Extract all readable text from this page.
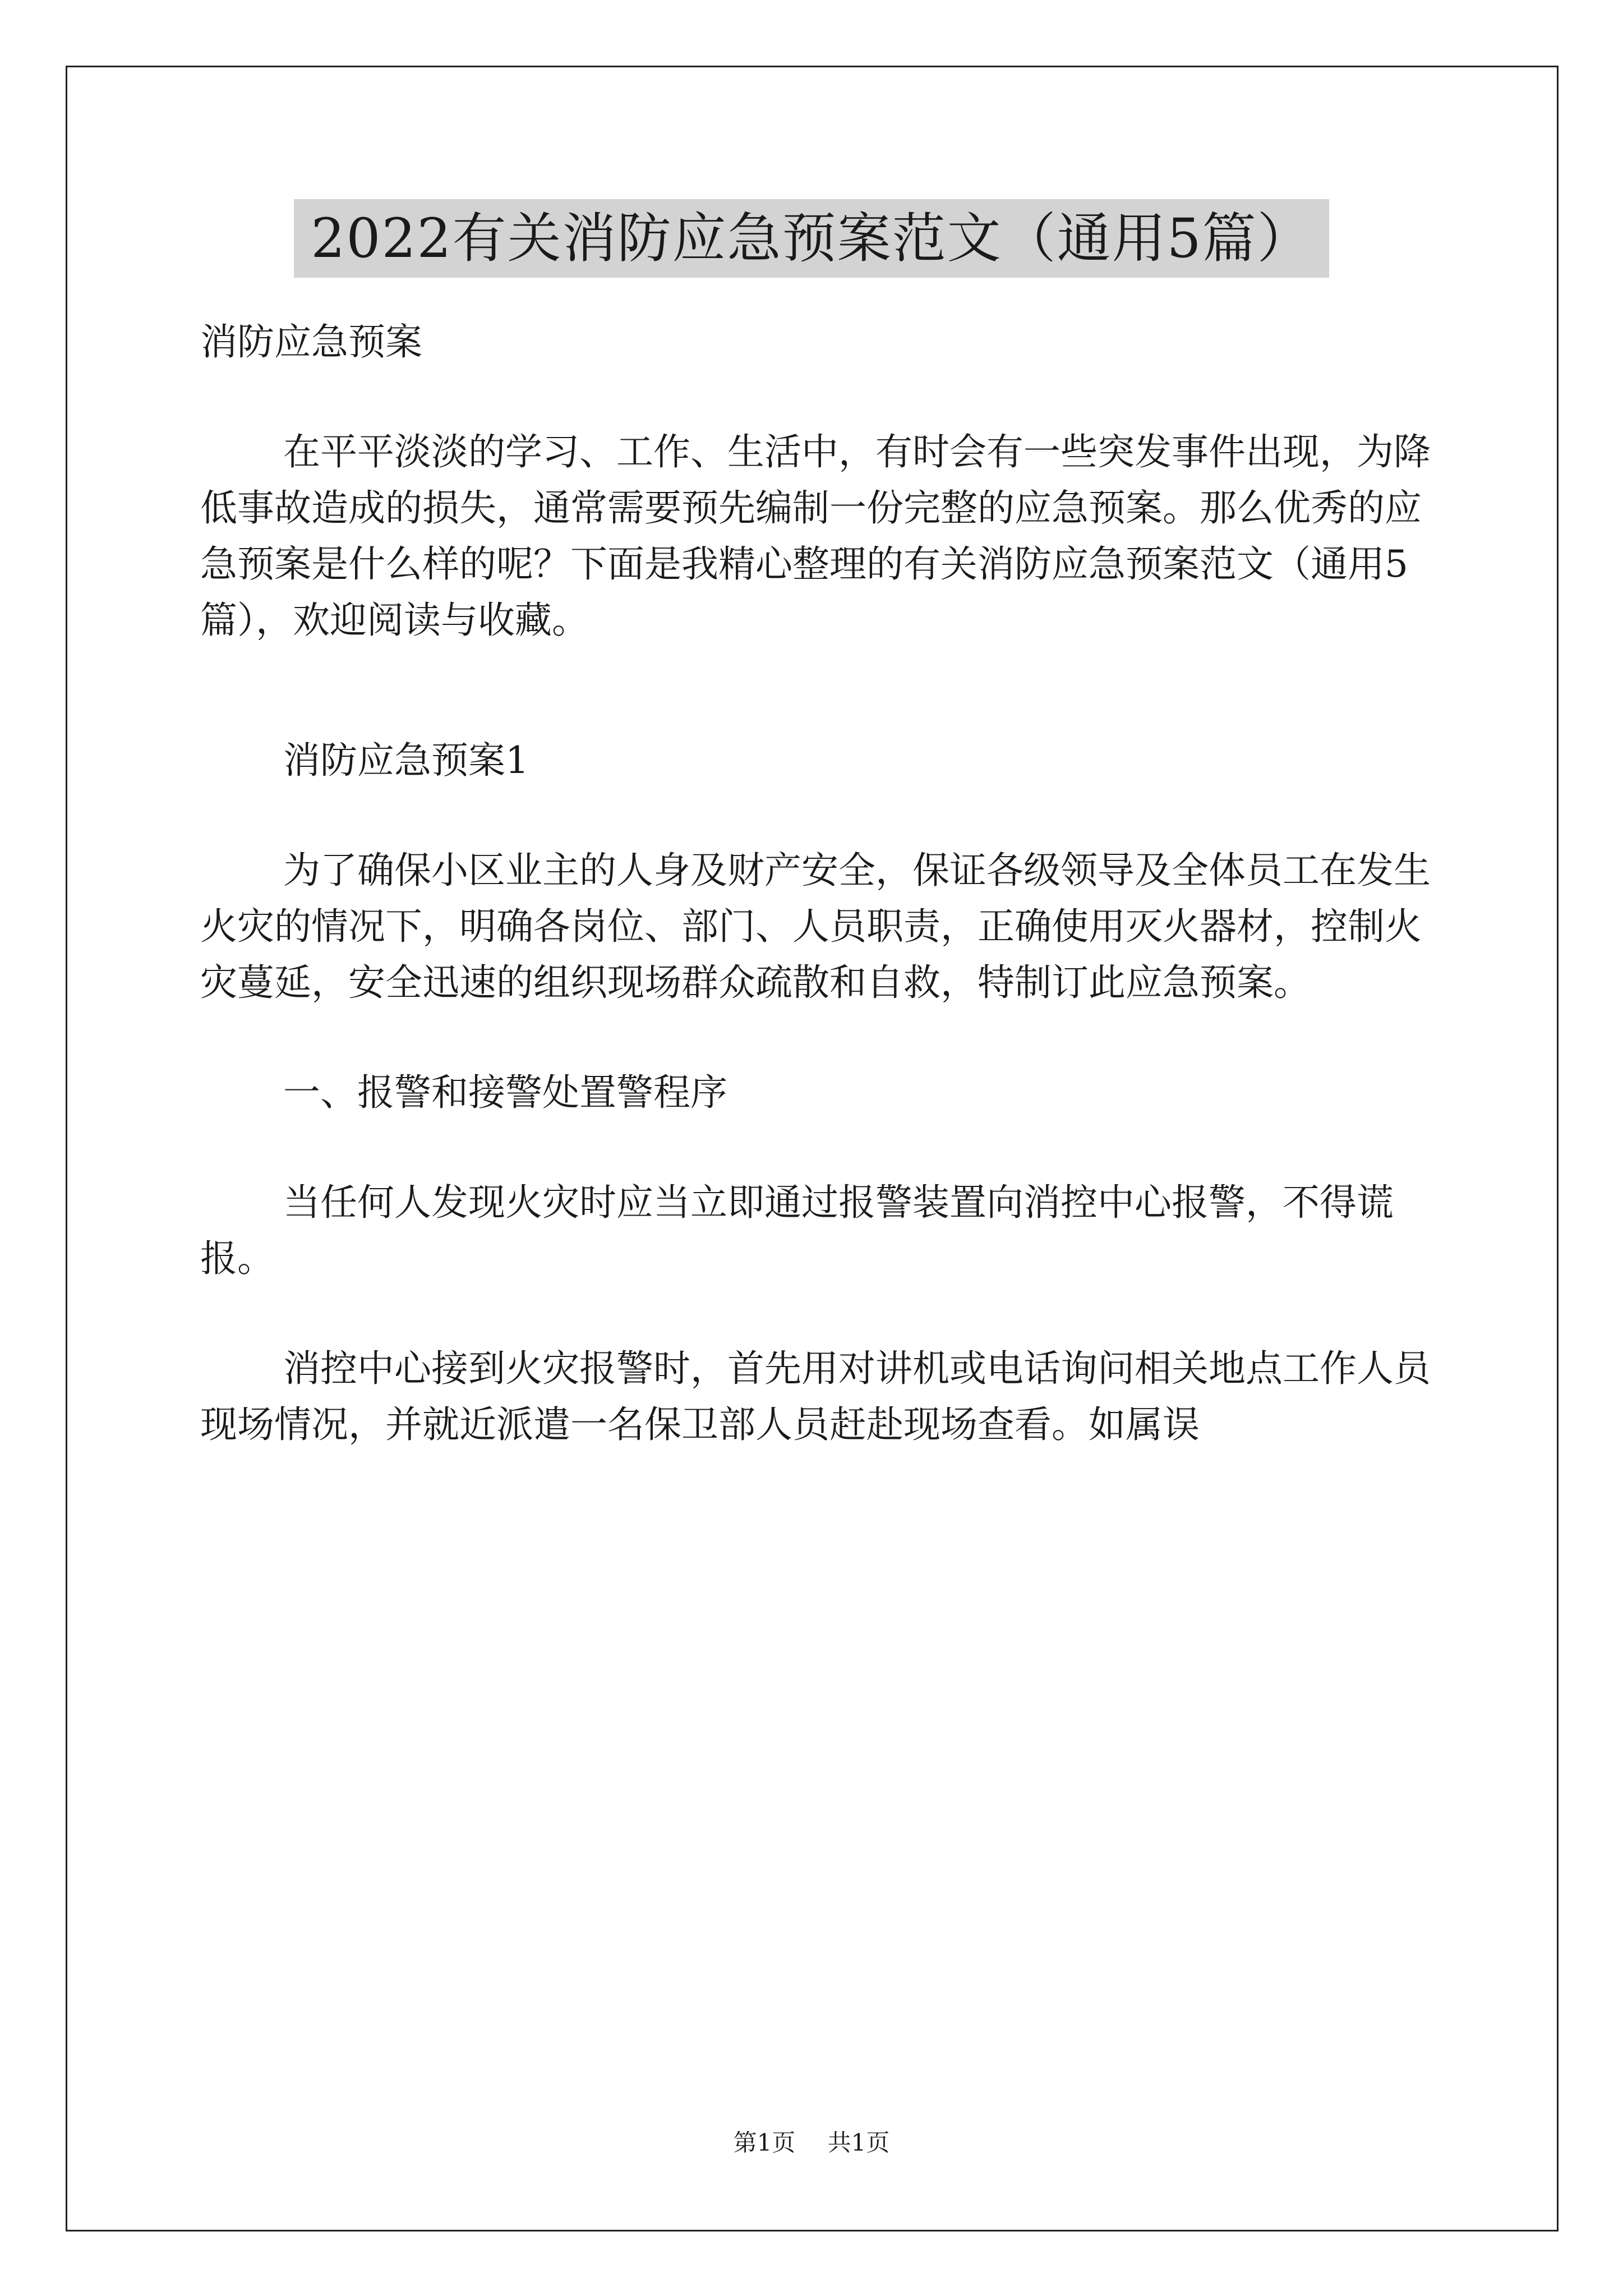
2022有关消防应急预案范文（通用5篇）

消防应急预案

在平平淡淡的学习、工作、生活中，有时会有一些突发事件出现，为降低事故造成的损失，通常需要预先编制一份完整的应急预案。那么优秀的应急预案是什么样的呢？下面是我精心整理的有关消防应急预案范文（通用5篇），欢迎阅读与收藏。

消防应急预案1

为了确保小区业主的人身及财产安全，保证各级领导及全体员工在发生火灾的情况下，明确各岗位、部门、人员职责，正确使用灭火器材，控制火灾蔓延，安全迅速的组织现场群众疏散和自救，特制订此应急预案。

一、报警和接警处置警程序

当任何人发现火灾时应当立即通过报警装置向消控中心报警，不得谎报。

消控中心接到火灾报警时，首先用对讲机或电话询问相关地点工作人员现场情况，并就近派遣一名保卫部人员赶赴现场查看。如属误

第1页 共1页
